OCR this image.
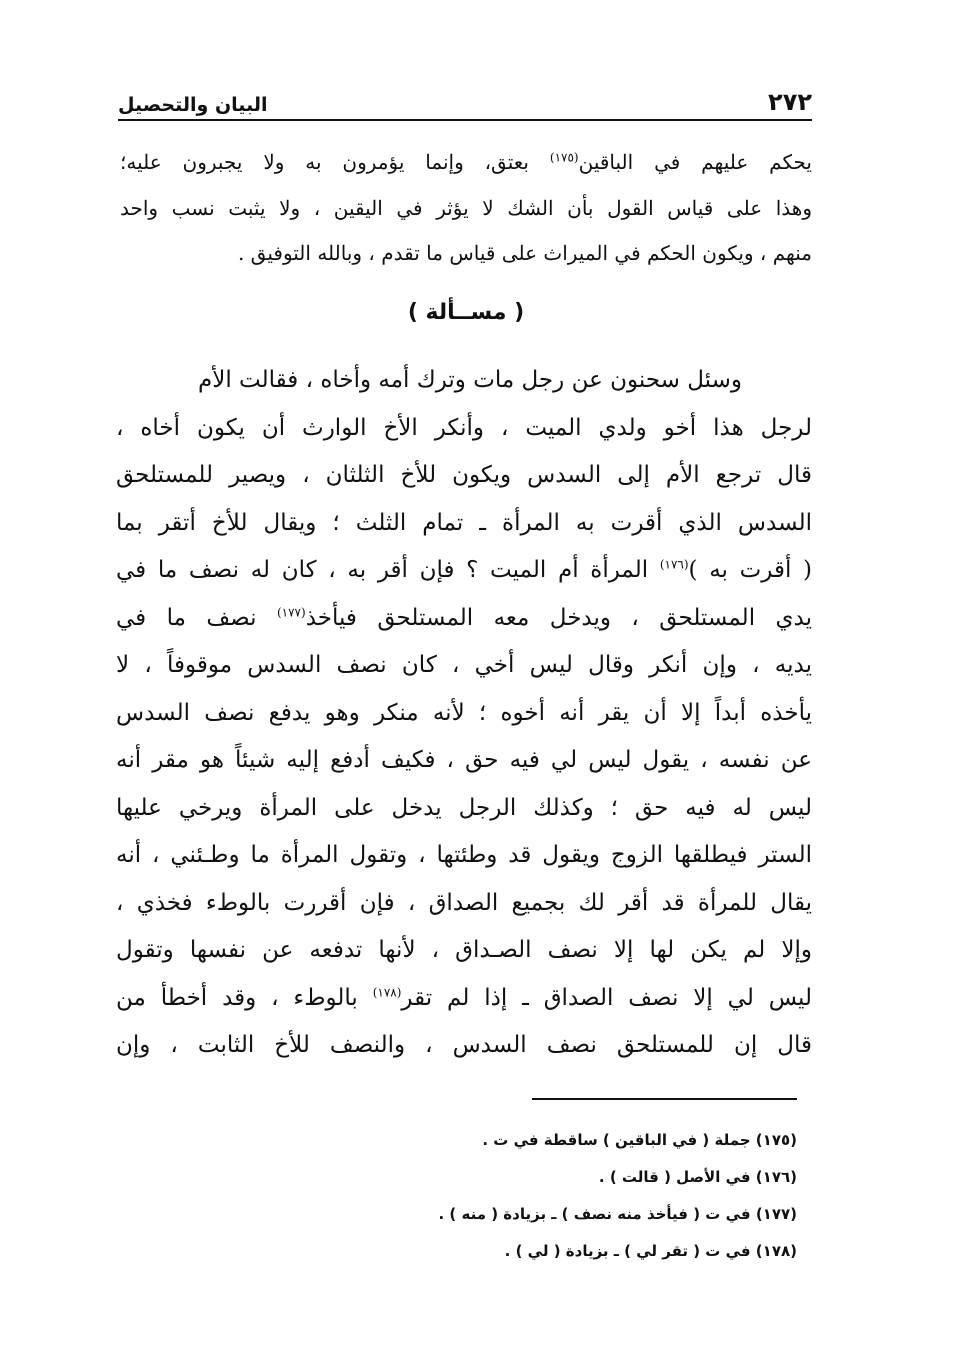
٢٧٢
البيان والتحصيل
يحكم عليهم في الباقين$^{(١٧٥)}$ بعتق، وإنما يؤمرون به ولا يجبرون عليه؛
وهذا على قياس القول بأن الشك لا يؤثر في اليقين ، ولا يثبت نسب واحد
منهم ، ويكون الحكم في الميراث على قياس ما تقدم ، وبالله التوفيق .
( مســألة )
وسئل سحنون عن رجل مات وترك أمه وأخاه ، فقالت الأم
لرجل هذا أخو ولدي الميت ، وأنكر الأخ الوارث أن يكون أخاه ،
قال ترجع الأم إلى السدس ويكون للأخ الثلثان ، ويصير للمستلحق
السدس الذي أقرت به المرأة ـ تمام الثلث ؛ ويقال للأخ أتقر بما
( أقرت به )$^{(١٧٦)}$ المرأة أم الميت ؟ فإن أقر به ، كان له نصف ما في
يدي المستلحق ، ويدخل معه المستلحق فيأخذ$^{(١٧٧)}$ نصف ما في
يديه ، وإن أنكر وقال ليس أخي ، كان نصف السدس موقوفاً ، لا
يأخذه أبداً إلا أن يقر أنه أخوه ؛ لأنه منكر وهو يدفع نصف السدس
عن نفسه ، يقول ليس لي فيه حق ، فكيف أدفع إليه شيئاً هو مقر أنه
ليس له فيه حق ؛ وكذلك الرجل يدخل على المرأة ويرخي عليها
الستر فيطلقها الزوج ويقول قد وطئتها ، وتقول المرأة ما وطـئني ، أنه
يقال للمرأة قد أقر لك بجميع الصداق ، فإن أقررت بالوطء فخذي ،
وإلا لم يكن لها إلا نصف الصـداق ، لأنها تدفعه عن نفسها وتقول
ليس لي إلا نصف الصداق ـ إذا لم تقر$^{(١٧٨)}$ بالوطء ، وقد أخطأ من
قال إن للمستلحق نصف السدس ، والنصف للأخ الثابت ، وإن
(١٧٥) جملة ( في الباقين ) ساقطة في ت .
(١٧٦) في الأصل ( قالت ) .
(١٧٧) في ت ( فيأخذ منه نصف ) ـ بزيادة ( منه ) .
(١٧٨) في ت ( تقر لي ) ـ بزيادة ( لي ) .
